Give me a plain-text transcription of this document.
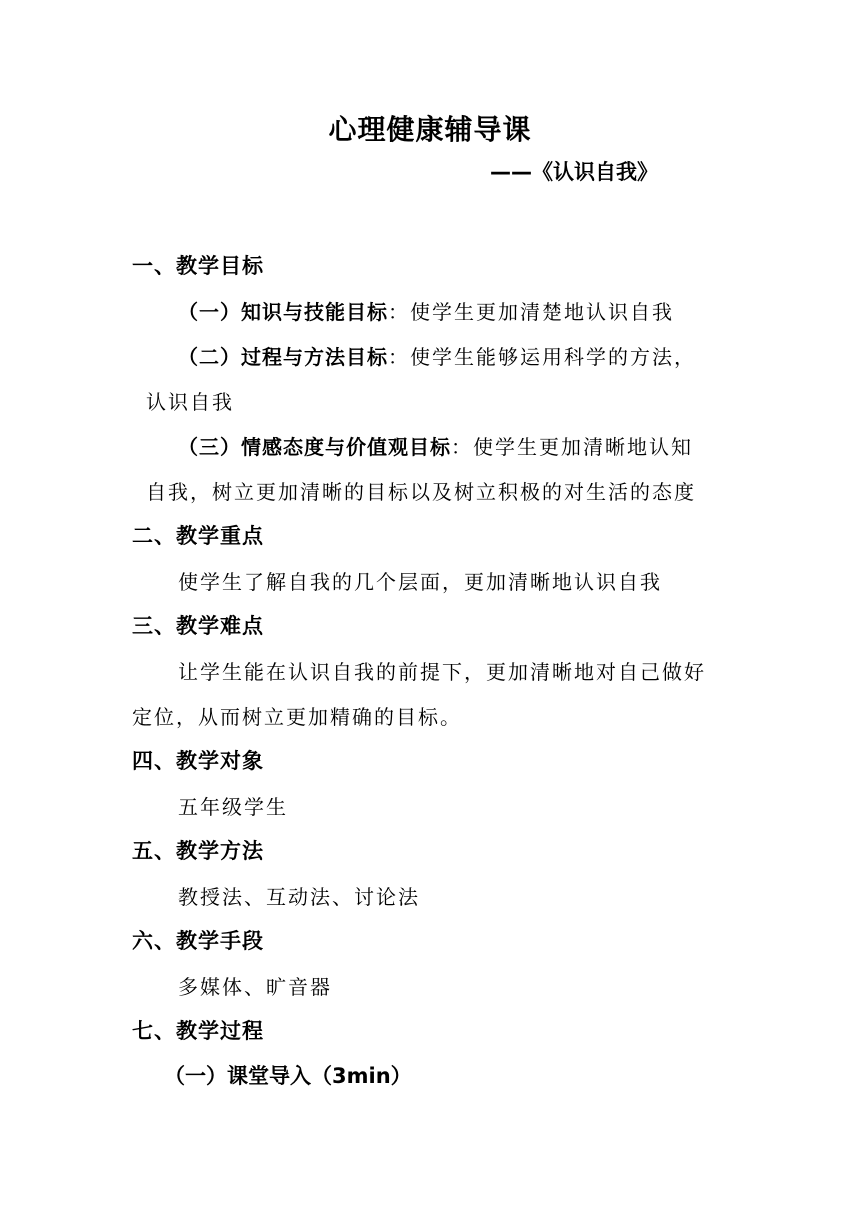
心理健康辅导课
——《认识自我》
一、教学目标
（一）知识与技能目标：使学生更加清楚地认识自我
（二）过程与方法目标：使学生能够运用科学的方法，
认识自我
（三）情感态度与价值观目标：使学生更加清晰地认知
自我，树立更加清晰的目标以及树立积极的对生活的态度
二、教学重点
使学生了解自我的几个层面，更加清晰地认识自我
三、教学难点
让学生能在认识自我的前提下，更加清晰地对自己做好
定位，从而树立更加精确的目标。
四、教学对象
五年级学生
五、教学方法
教授法、互动法、讨论法
六、教学手段
多媒体、旷音器
七、教学过程
（一）课堂导入（3min）
